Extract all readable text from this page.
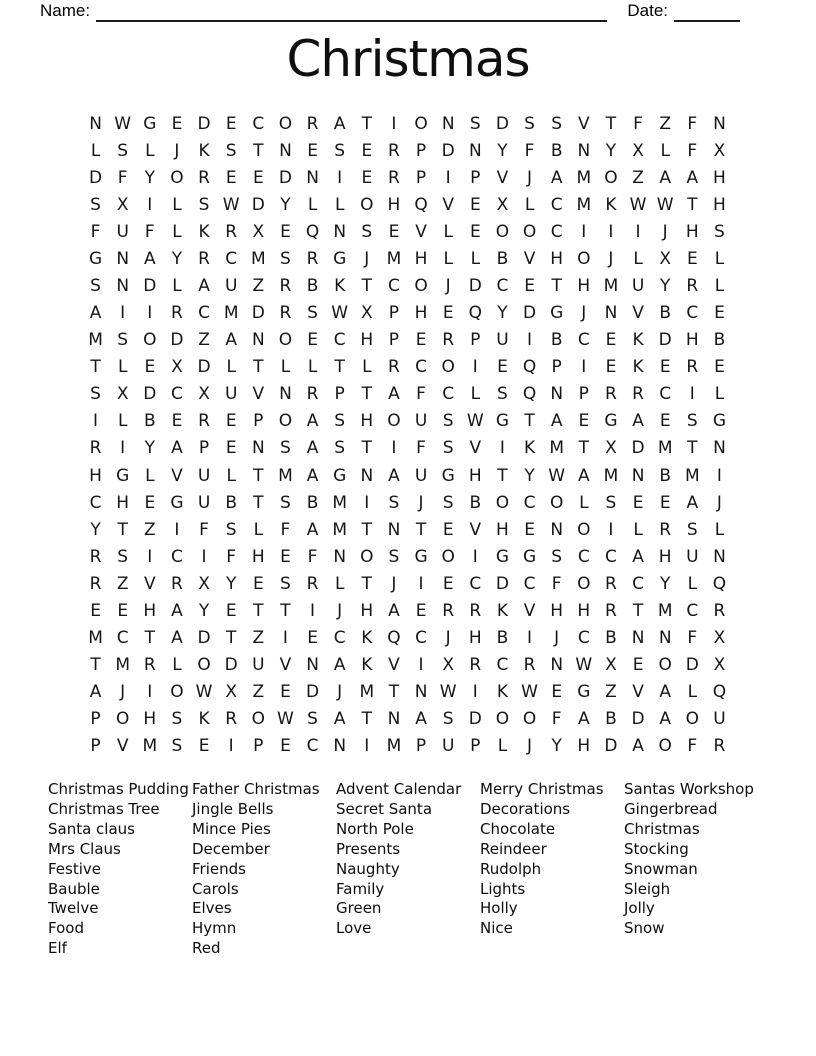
Name:	Date:
Christmas
N W G E D E C O R A T	I	O N S D S S V T	F Z F N
L S L	J	K S T N E S E R P D N Y	F B N Y X L	F X
D F	Y O R E E D N	I	E R P	I	P V	J	A M O Z A A H
S X	I	L S W D Y	L	L O H Q V E X L C M K W W T H
F U F	L K R X E Q N S E V L	E O O C	I	I	I	J	H S
G N A Y R C M S R G	J	M H L	L B V H O	J	L X E	L
S N D L A U Z R B K T C O	J	D C E T H M U Y R L
A	I	I	R C M D R S W X P H E Q Y D G	J	N V B C E
M S O D Z A N O E C H P E R P U	I	B C E K D H B
T	L	E X D L	T	L	L	T	L R C O	I	E Q P	I	E K E R E
S X D C X U V N R P T A F C L S Q N P R R C	I	L
I	L B E R E P O A S H O U S W G T A E G A E S G
R	I	Y A P E N S A S T	I	F S V	I	K M T X D M T N
H G L V U L	T M A G N A U G H T Y W A M N B M	I
C H E G U B T S B M	I	S	J	S B O C O L S E E A	J
Y T Z	I	F S L	F A M T N T E V H E N O	I	L R S L
R S	I	C	I	F H E F N O S G O	I	G G S C C A H U N
R Z V R X Y E S R L	T	J	I	E C D C F O R C Y	L Q
E E H A Y E T T	I	J	H A E R R K V H H R T M C R
M C T A D T Z	I	E C K Q C	J	H B	I	J	C B N N F X
T M R L O D U V N A K V	I	X R C R N W X E O D X
A	J	I	O W X Z E D	J	M T N W I	K W E G Z V A L Q
P O H S K R O W S A T N A S D O O F A B D A O U
P V M S E	I	P E C N	I	M P U P	L	J	Y H D A O F R
Christmas Pudding
Christmas Tree
Santa claus
Mrs Claus
Festive
Bauble
Twelve
Food
Elf
Father Christmas
Jingle Bells
Mince Pies
December
Friends
Carols
Elves
Hymn
Red
Advent Calendar
Secret Santa
North Pole
Presents
Naughty
Family
Green
Love
Merry Christmas
Decorations
Chocolate
Reindeer
Rudolph
Lights
Holly
Nice
Santas Workshop
Gingerbread
Christmas
Stocking
Snowman
Sleigh
Jolly
Snow
